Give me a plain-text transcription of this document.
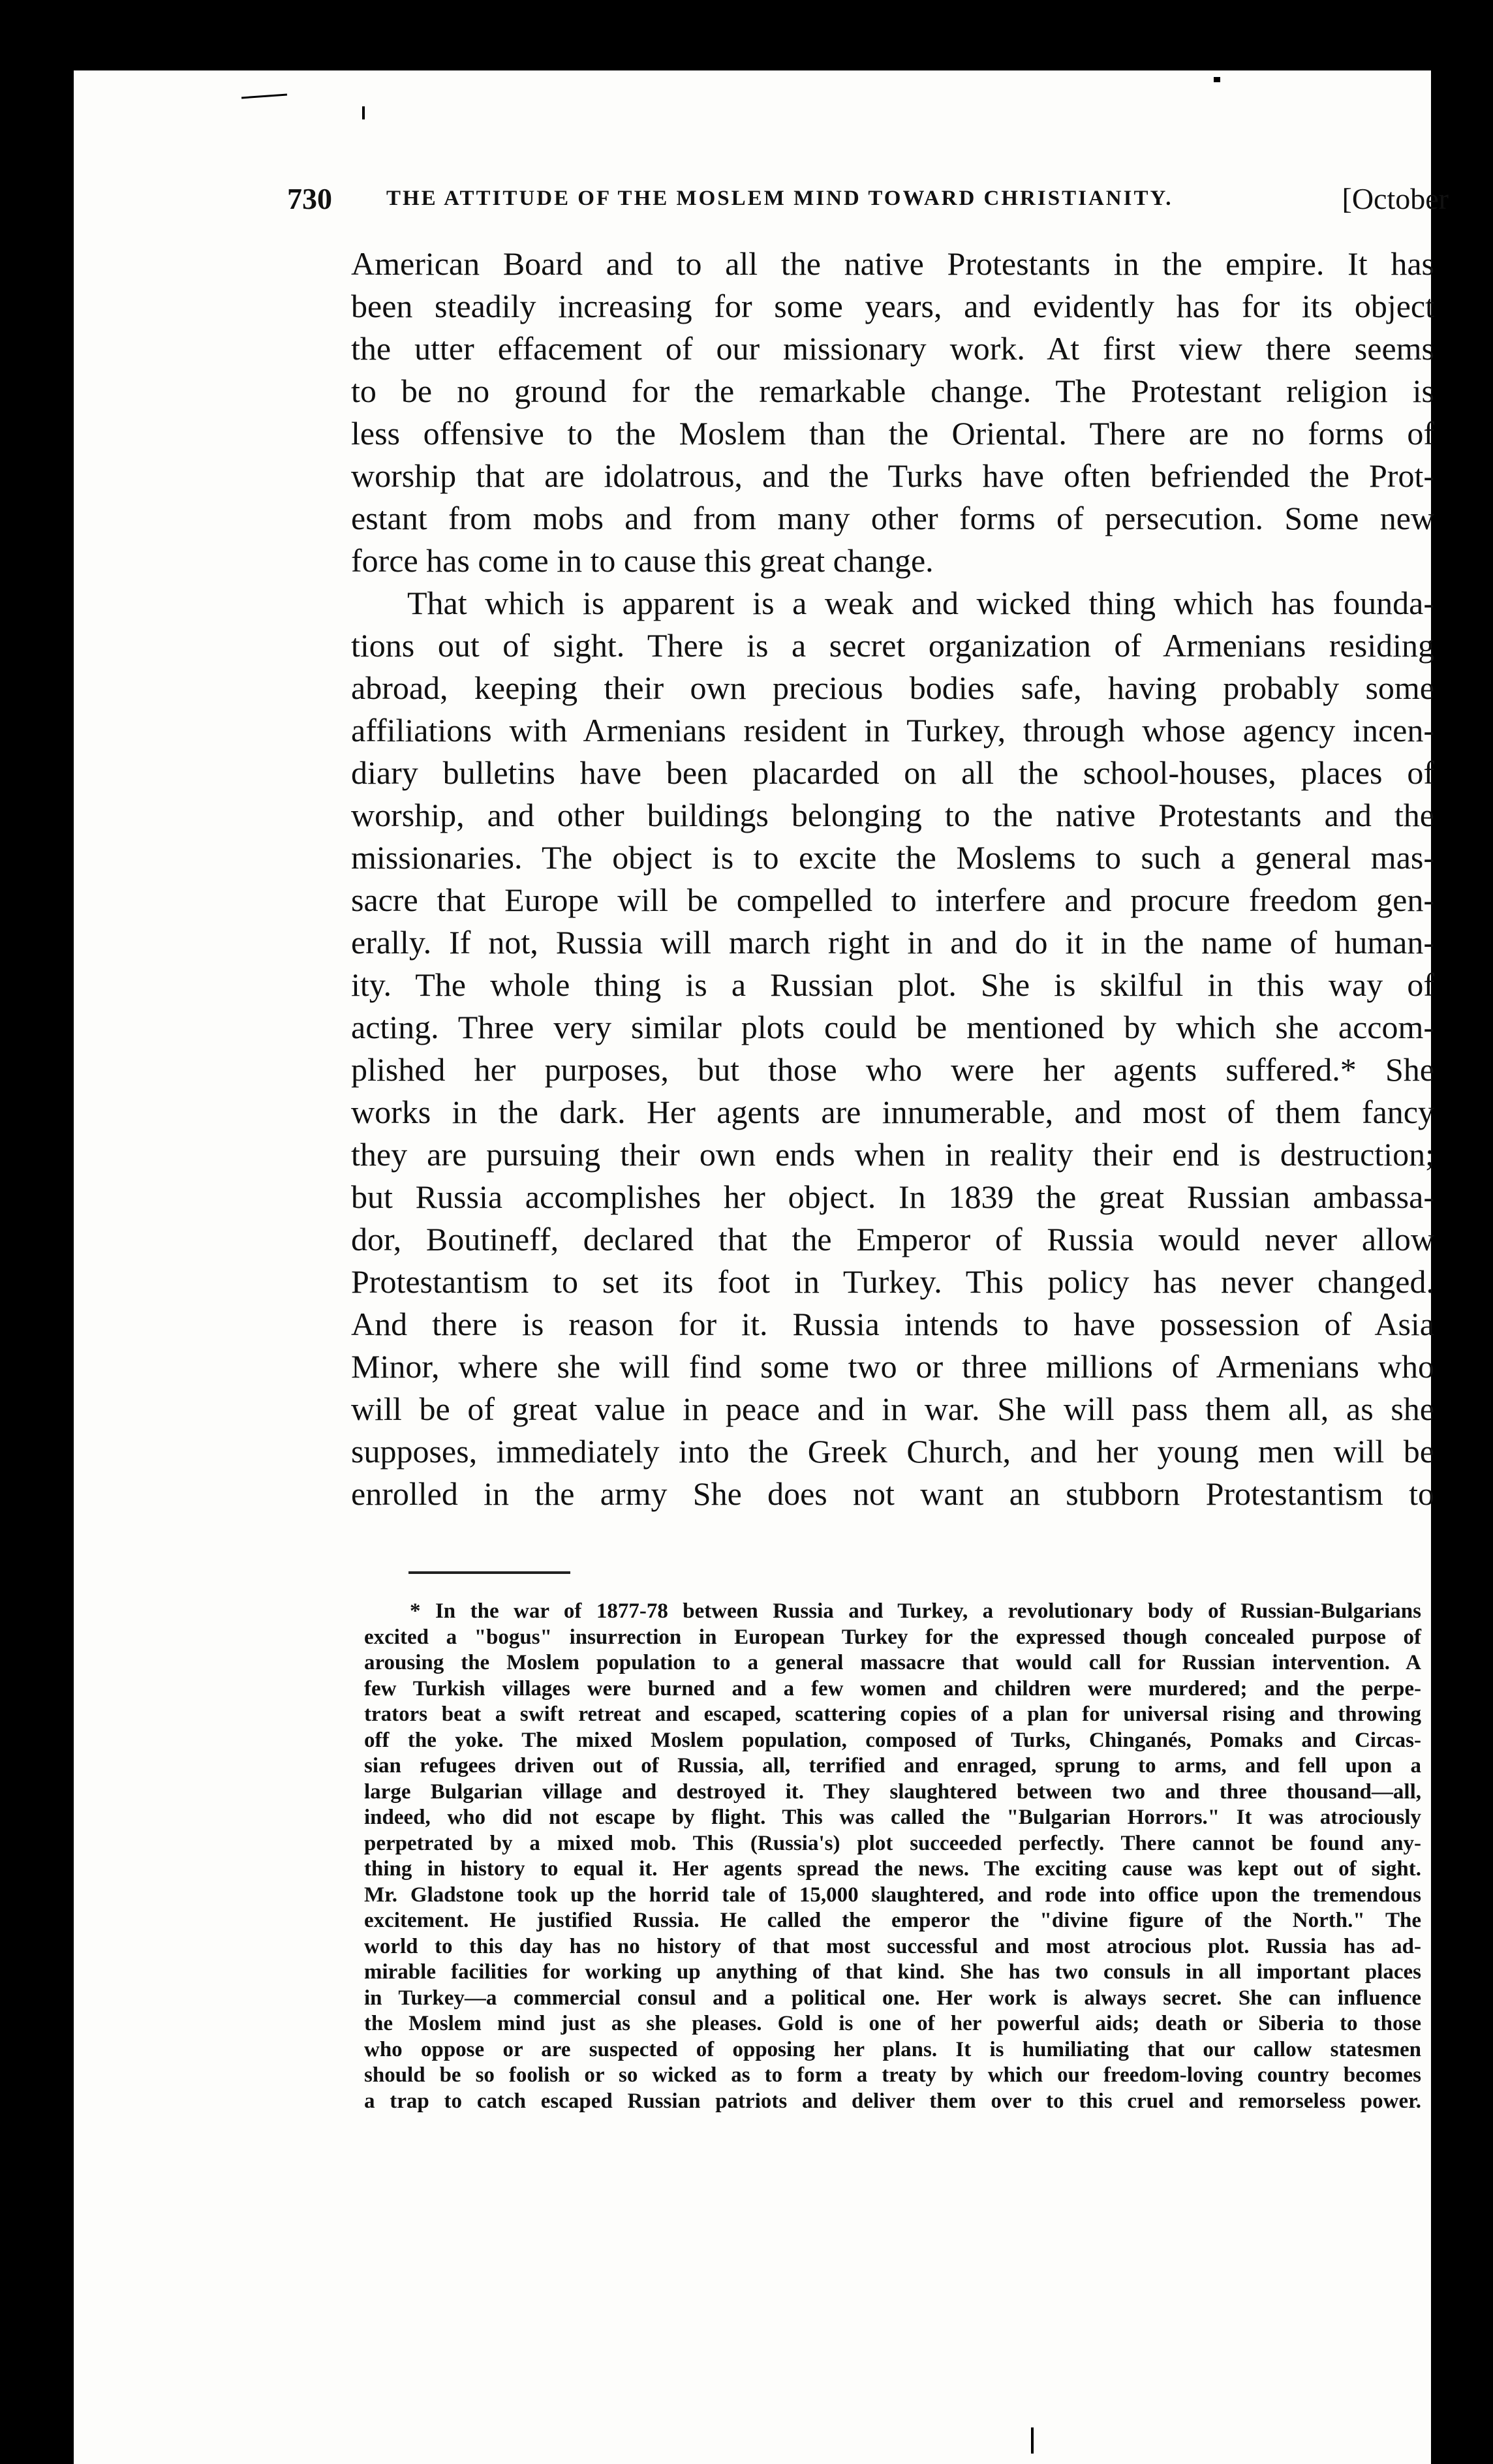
730	THE ATTITUDE OF THE MOSLEM MIND TOWARD CHRISTIANITY.	[October
American Board and to all the native Protestants in the empire. It has
been steadily increasing for some years, and evidently has for its object
the utter effacement of our missionary work. At first view there seems
to be no ground for the remarkable change. The Protestant religion is
less offensive to the Moslem than the Oriental. There are no forms of
worship that are idolatrous, and the Turks have often befriended the Prot-
estant from mobs and from many other forms of persecution. Some new
force has come in to cause this great change.
That which is apparent is a weak and wicked thing which has founda-
tions out of sight. There is a secret organization of Armenians residing
abroad, keeping their own precious bodies safe, having probably some
affiliations with Armenians resident in Turkey, through whose agency incen-
diary bulletins have been placarded on all the school-houses, places of
worship, and other buildings belonging to the native Protestants and the
missionaries. The object is to excite the Moslems to such a general mas-
sacre that Europe will be compelled to interfere and procure freedom gen-
erally. If not, Russia will march right in and do it in the name of human-
ity. The whole thing is a Russian plot. She is skilful in this way of
acting. Three very similar plots could be mentioned by which she accom-
plished her purposes, but those who were her agents suffered.* She
works in the dark. Her agents are innumerable, and most of them fancy
they are pursuing their own ends when in reality their end is destruction;
but Russia accomplishes her object. In 1839 the great Russian ambassa-
dor, Boutineff, declared that the Emperor of Russia would never allow
Protestantism to set its foot in Turkey. This policy has never changed.
And there is reason for it. Russia intends to have possession of Asia
Minor, where she will find some two or three millions of Armenians who
will be of great value in peace and in war. She will pass them all, as she
supposes, immediately into the Greek Church, and her young men will be
enrolled in the army She does not want an stubborn Protestantism to
* In the war of 1877-78 between Russia and Turkey, a revolutionary body of Russian-Bulgarians
excited a "bogus" insurrection in European Turkey for the expressed though concealed purpose of
arousing the Moslem population to a general massacre that would call for Russian intervention. A
few Turkish villages were burned and a few women and children were murdered; and the perpe-
trators beat a swift retreat and escaped, scattering copies of a plan for universal rising and throwing
off the yoke. The mixed Moslem population, composed of Turks, Chinganés, Pomaks and Circas-
sian refugees driven out of Russia, all, terrified and enraged, sprung to arms, and fell upon a
large Bulgarian village and destroyed it. They slaughtered between two and three thousand—all,
indeed, who did not escape by flight. This was called the "Bulgarian Horrors." It was atrociously
perpetrated by a mixed mob. This (Russia's) plot succeeded perfectly. There cannot be found any-
thing in history to equal it. Her agents spread the news. The exciting cause was kept out of sight.
Mr. Gladstone took up the horrid tale of 15,000 slaughtered, and rode into office upon the tremendous
excitement. He justified Russia. He called the emperor the "divine figure of the North." The
world to this day has no history of that most successful and most atrocious plot. Russia has ad-
mirable facilities for working up anything of that kind. She has two consuls in all important places
in Turkey—a commercial consul and a political one. Her work is always secret. She can influence
the Moslem mind just as she pleases. Gold is one of her powerful aids; death or Siberia to those
who oppose or are suspected of opposing her plans. It is humiliating that our callow statesmen
should be so foolish or so wicked as to form a treaty by which our freedom-loving country becomes
a trap to catch escaped Russian patriots and deliver them over to this cruel and remorseless power.
